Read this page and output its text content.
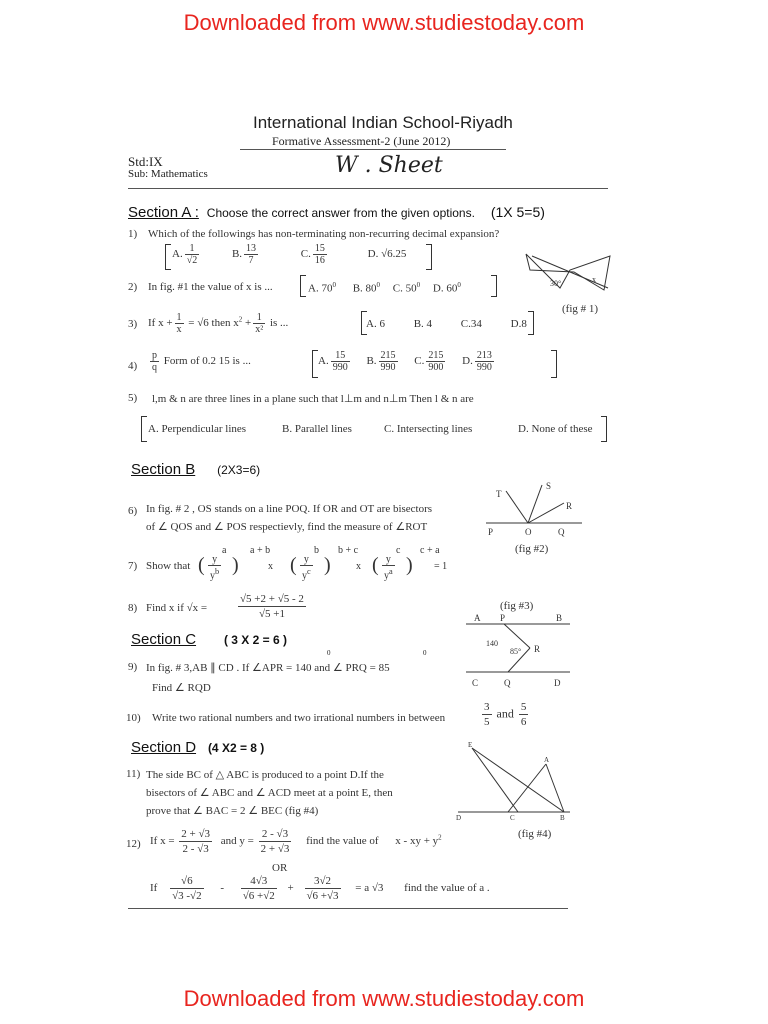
Downloaded from www.studiestoday.com
Downloaded from www.studiestoday.com
International Indian School-Riyadh
Formative Assessment-2 (June 2012)
Std:IX
Sub: Mathematics	W . Sheet
Section A : Choose the correct answer from the given options. (1X 5=5)
1) Which of the followings has non-terminating non-recurring decimal expansion?
A. $\frac{1}{√2}$	B. $\frac{13}{7}$	C. $\frac{15}{16}$	D. √6.25
30°	x
(fig # 1)
2) In fig. #1 the value of x is ...	A. $70^0$ B. $80^0$ C. $50^0$ D. $60^0$
3) If $x + \frac{1}{x} = √6$ then $x^2 + \frac{1}{\text{x²}}$ is ...	A. 6	B. 4	C.34	D.8
$4) \frac{p}{q}$ Form of 0.2 15 is ...	A. $\frac{15}{990} B$. $\frac{215}{990} C$. $\frac{215}{900} D$. $\frac{213}{990}$
5) l,m & n are three lines in a plane such that l⊥m and n⊥m Then l & n are
A. Perpendicular lines	B. Parallel lines	C. Intersecting lines	D. None of these
Section B (2X3=6)
6) In fig. # 2 , OS stands on a line POQ. If OR and OT are bisectors
of ∠ QOS and ∠ POS respectievly, find the measure of ∠ROT
T
S
R
P	O	Q
(fig #2)
7) Show that
a a + b	b b + c	c c + a
( $\frac{y}{y^b}$ )	x ( $\frac{y}{y^c}$ )	x ( $\frac{y}{y^a}$ ) = 1
8) Find x if √x =	$\frac{√5 +2 + √5 - 2}{√5 +1}$	(fig #3)
A P	B
R
C	Q	D
140
85°
Section C ( 3 X 2 = 6 )
9) In fig. # 3,AB ∥ CD . If ∠APR = 140 and ∠ PRQ = 85
0	0
Find ∠ RQD
10) Write two rational numbers and two irrational numbers in between	$\frac{3}{5}$ and $\frac{5}{6}$
Section D (4 X2 = 8 )
11) The side BC of △ ABC is produced to a point D.If the
bisectors of ∠ ABC and ∠ ACD meet at a point E, then
prove that ∠ BAC = 2 ∠ BEC (fig #4)
E
A
D	C	B
(fig #4)
12) If $x = \frac{2 + √3}{2 - √3}$ and $y = \frac{2 - √3}{2 + √3}$ find the value of x - xy + $y^2$
OR
If $\frac{√6}{√3 -√2} - \frac{4√3}{√6 +√2} + \frac{3√2}{√6 +√3} = a$ √3 find the value of a .
